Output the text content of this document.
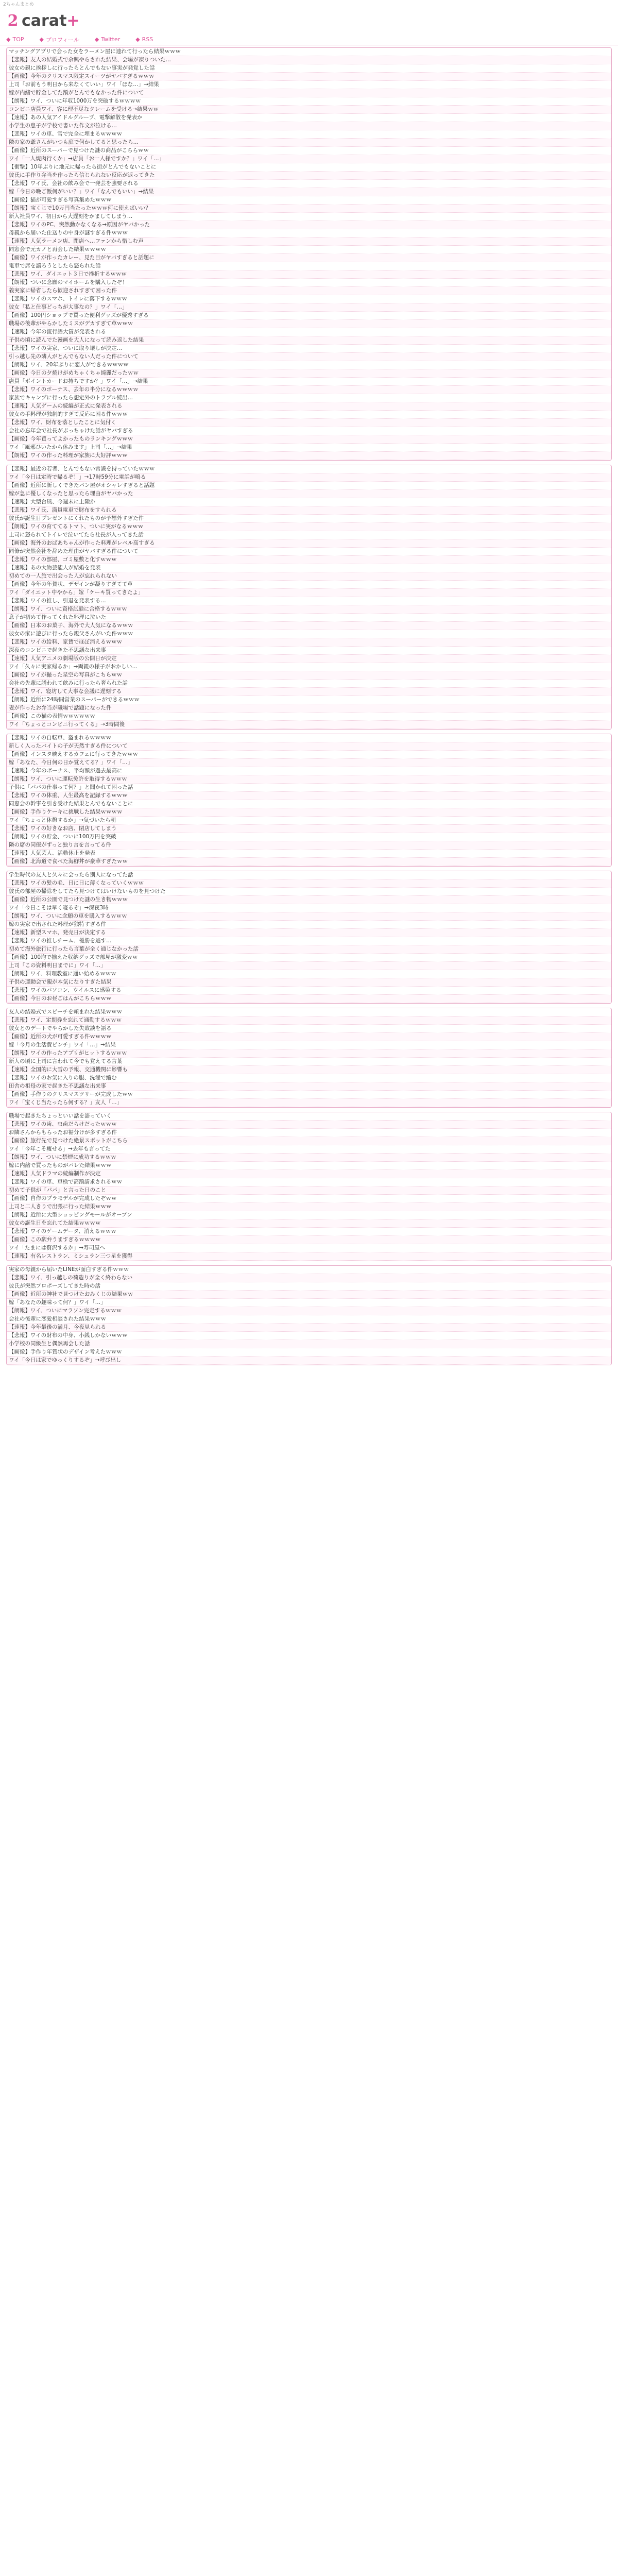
2ちゃんまとめ
2 carat+
◆ TOP	◆ プロフィール	◆ Twitter	◆ RSS
マッチングアプリで会った女をラーメン屋に連れて行ったら結果ｗｗｗ
【悲報】友人の結婚式で余興やらされた結果、会場が凍りついた…
彼女の親に挨拶しに行ったらとんでもない事実が発覚した話
【画像】今年のクリスマス限定スイーツがヤバすぎるｗｗｗ
上司「お前もう明日から来なくていい」ワイ「ほな…」→結果
嫁が内緒で貯金してた額がとんでもなかった件について
【朗報】ワイ、ついに年収1000万を突破するｗｗｗｗ
コンビニ店員ワイ、客に理不尽なクレームを受ける→結果ｗｗ
【速報】あの人気アイドルグループ、電撃解散を発表か
小学生の息子が学校で書いた作文が泣ける…
【悲報】ワイの車、雪で完全に埋まるｗｗｗｗ
隣の家の爺さんがいつも庭で何かしてると思ったら…
【画像】近所のスーパーで見つけた謎の商品がこちらｗｗ
ワイ「一人焼肉行くか」→店員「お一人様ですか？」ワイ「…」
【衝撃】10年ぶりに地元に帰ったら街がとんでもないことに
彼氏に手作り弁当を作ったら信じられない反応が返ってきた
【悲報】ワイ氏、会社の飲み会で一発芸を強要される
嫁「今日の晩ご飯何がいい？」ワイ「なんでもいい」→結果
【画像】猫が可愛すぎる写真集めたｗｗｗ
【朗報】宝くじで10万円当たったｗｗｗ何に使えばいい？
新入社員ワイ、初日から大遅刻をかましてしまう…
【悲報】ワイのPC、突然動かなくなる→原因がヤバかった
母親から届いた仕送りの中身が謎すぎる件ｗｗｗ
【速報】人気ラーメン店、閉店へ…ファンから惜しむ声
同窓会で元カノと再会した結果ｗｗｗｗ
【画像】ワイが作ったカレー、見た目がヤバすぎると話題に
電車で席を譲ろうとしたら怒られた話
【悲報】ワイ、ダイエット３日で挫折するｗｗｗ
【朗報】ついに念願のマイホームを購入したぞ！
義実家に帰省したら歓迎されすぎて困った件
【悲報】ワイのスマホ、トイレに落下するｗｗｗ
彼女「私と仕事どっちが大事なの？」ワイ「…」
【画像】100円ショップで買った便利グッズが優秀すぎる
職場の後輩がやらかしたミスがデカすぎて草ｗｗｗ
【速報】今年の流行語大賞が発表される
子供の頃に読んでた漫画を大人になって読み返した結果
【悲報】ワイの実家、ついに取り壊しが決定…
引っ越し先の隣人がとんでもない人だった件について
【朗報】ワイ、20年ぶりに恋人ができるｗｗｗｗ
【画像】今日の夕焼けがめちゃくちゃ綺麗だったｗｗ
店員「ポイントカードお持ちですか？」ワイ「…」→結果
【悲報】ワイのボーナス、去年の半分になるｗｗｗｗ
家族でキャンプに行ったら想定外のトラブル続出…
【速報】人気ゲームの続編が正式に発表される
彼女の手料理が独創的すぎて反応に困る件ｗｗｗ
【悲報】ワイ、財布を落としたことに気付く
会社の忘年会で社長がぶっちゃけた話がヤバすぎる
【画像】今年買ってよかったものランキングｗｗｗ
ワイ「風邪ひいたから休みます」上司「…」→結果
【朗報】ワイの作った料理が家族に大好評ｗｗｗ
【悲報】最近の若者、とんでもない常識を持っていたｗｗｗ
ワイ「今日は定時で帰るぞ！」→17時59分に電話が鳴る
【画像】近所に新しくできたパン屋がオシャレすぎると話題
嫁が急に優しくなったと思ったら理由がヤバかった
【速報】大型台風、今週末に上陸か
【悲報】ワイ氏、満員電車で財布をすられる
彼氏が誕生日プレゼントにくれたものが予想外すぎた件
【朗報】ワイの育ててるトマト、ついに実がなるｗｗｗ
上司に怒られてトイレで泣いてたら社長が入ってきた話
【画像】海外のおばあちゃんが作った料理がレベル高すぎる
同僚が突然会社を辞めた理由がヤバすぎる件について
【悲報】ワイの部屋、ゴミ屋敷と化すｗｗｗ
【速報】あの大物芸能人が結婚を発表
初めての一人旅で出会った人が忘れられない
【画像】今年の年賀状、デザインが凝りすぎてて草
ワイ「ダイエット中やから」嫁「ケーキ買ってきたよ」
【悲報】ワイの推し、引退を発表する…
【朗報】ワイ、ついに資格試験に合格するｗｗｗ
息子が初めて作ってくれた料理に泣いた
【画像】日本のお菓子、海外で大人気になるｗｗｗ
彼女の家に遊びに行ったら親父さんがいた件ｗｗｗ
【悲報】ワイの給料、家賃でほぼ消えるｗｗｗ
深夜のコンビニで起きた不思議な出来事
【速報】人気アニメの劇場版の公開日が決定
ワイ「久々に実家帰るか」→両親の様子がおかしい…
【画像】ワイが撮った星空の写真がこちらｗｗ
会社の先輩に誘われて飲みに行ったら奢られた話
【悲報】ワイ、寝坊して大事な会議に遅刻する
【朗報】近所に24時間営業のスーパーができるｗｗｗ
妻が作ったお弁当が職場で話題になった件
【画像】この猫の表情ｗｗｗｗｗｗ
ワイ「ちょっとコンビニ行ってくる」→3時間後
【悲報】ワイの自転車、盗まれるｗｗｗｗ
新しく入ったバイトの子が天然すぎる件について
【画像】インスタ映えするカフェに行ってきたｗｗｗ
嫁「あなた、今日何の日か覚えてる？」ワイ「…」
【速報】今年のボーナス、平均額が過去最高に
【朗報】ワイ、ついに運転免許を取得するｗｗｗ
子供に「パパの仕事って何？」と聞かれて困った話
【悲報】ワイの体重、人生最高を記録するｗｗｗ
同窓会の幹事を引き受けた結果とんでもないことに
【画像】手作りケーキに挑戦した結果ｗｗｗｗ
ワイ「ちょっと休憩するか」→気づいたら朝
【悲報】ワイの好きなお店、閉店してしまう
【朗報】ワイの貯金、ついに100万円を突破
隣の席の同僚がずっと独り言を言ってる件
【速報】人気芸人、活動休止を発表
【画像】北海道で食べた海鮮丼が豪華すぎたｗｗ
学生時代の友人と久々に会ったら別人になってた話
【悲報】ワイの髪の毛、日に日に薄くなっていくｗｗｗ
彼氏の部屋の掃除をしてたら見つけてはいけないものを見つけた
【画像】近所の公園で見つけた謎の生き物ｗｗｗ
ワイ「今日こそは早く寝るぞ」→深夜3時
【朗報】ワイ、ついに念願の車を購入するｗｗｗ
嫁の実家で出された料理が独特すぎる件
【速報】新型スマホ、発売日が決定する
【悲報】ワイの推しチーム、優勝を逃す…
初めて海外旅行に行ったら言葉が全く通じなかった話
【画像】100均で揃えた収納グッズで部屋が激変ｗｗ
上司「この資料明日までに」ワイ「…」
【朗報】ワイ、料理教室に通い始めるｗｗｗ
子供の運動会で親が本気になりすぎた結果
【悲報】ワイのパソコン、ウイルスに感染する
【画像】今日のお昼ごはんがこちらｗｗｗ
友人の結婚式でスピーチを頼まれた結果ｗｗｗ
【悲報】ワイ、定期券を忘れて通勤するｗｗｗ
彼女とのデートでやらかした失敗談を語る
【画像】近所の犬が可愛すぎる件ｗｗｗｗ
嫁「今月の生活費ピンチ」ワイ「…」→結果
【朗報】ワイの作ったアプリがヒットするｗｗｗ
新人の頃に上司に言われて今でも覚えてる言葉
【速報】全国的に大雪の予報、交通機関に影響も
【悲報】ワイのお気に入りの服、洗濯で縮む
田舎の祖母の家で起きた不思議な出来事
【画像】手作りのクリスマスツリーが完成したｗｗ
ワイ「宝くじ当たったら何する？」友人「…」
職場で起きたちょっといい話を語っていく
【悲報】ワイの歯、虫歯だらけだったｗｗｗ
お隣さんからもらったお裾分けが多すぎる件
【画像】旅行先で見つけた絶景スポットがこちら
ワイ「今年こそ痩せる」→去年も言ってた
【朗報】ワイ、ついに禁煙に成功するｗｗｗ
嫁に内緒で買ったものがバレた結果ｗｗｗ
【速報】人気ドラマの続編制作が決定
【悲報】ワイの車、車検で高額請求されるｗｗ
初めて子供が「パパ」と言った日のこと
【画像】自作のプラモデルが完成したぞｗｗ
上司と二人きりで出張に行った結果ｗｗｗ
【朗報】近所に大型ショッピングモールがオープン
彼女の誕生日を忘れてた結果ｗｗｗｗ
【悲報】ワイのゲームデータ、消えるｗｗｗ
【画像】この駅弁うますぎるｗｗｗｗ
ワイ「たまには贅沢するか」→寿司屋へ
【速報】有名レストラン、ミシュラン三つ星を獲得
実家の母親から届いたLINEが面白すぎる件ｗｗｗ
【悲報】ワイ、引っ越しの荷造りが全く終わらない
彼氏が突然プロポーズしてきた時の話
【画像】近所の神社で見つけたおみくじの結果ｗｗ
嫁「あなたの趣味って何？」ワイ「…」
【朗報】ワイ、ついにマラソン完走するｗｗｗ
会社の後輩に恋愛相談された結果ｗｗｗ
【速報】今年最後の満月、今夜見られる
【悲報】ワイの財布の中身、小銭しかないｗｗｗ
小学校の同級生と偶然再会した話
【画像】手作り年賀状のデザイン考えたｗｗｗ
ワイ「今日は家でゆっくりするぞ」→呼び出し
